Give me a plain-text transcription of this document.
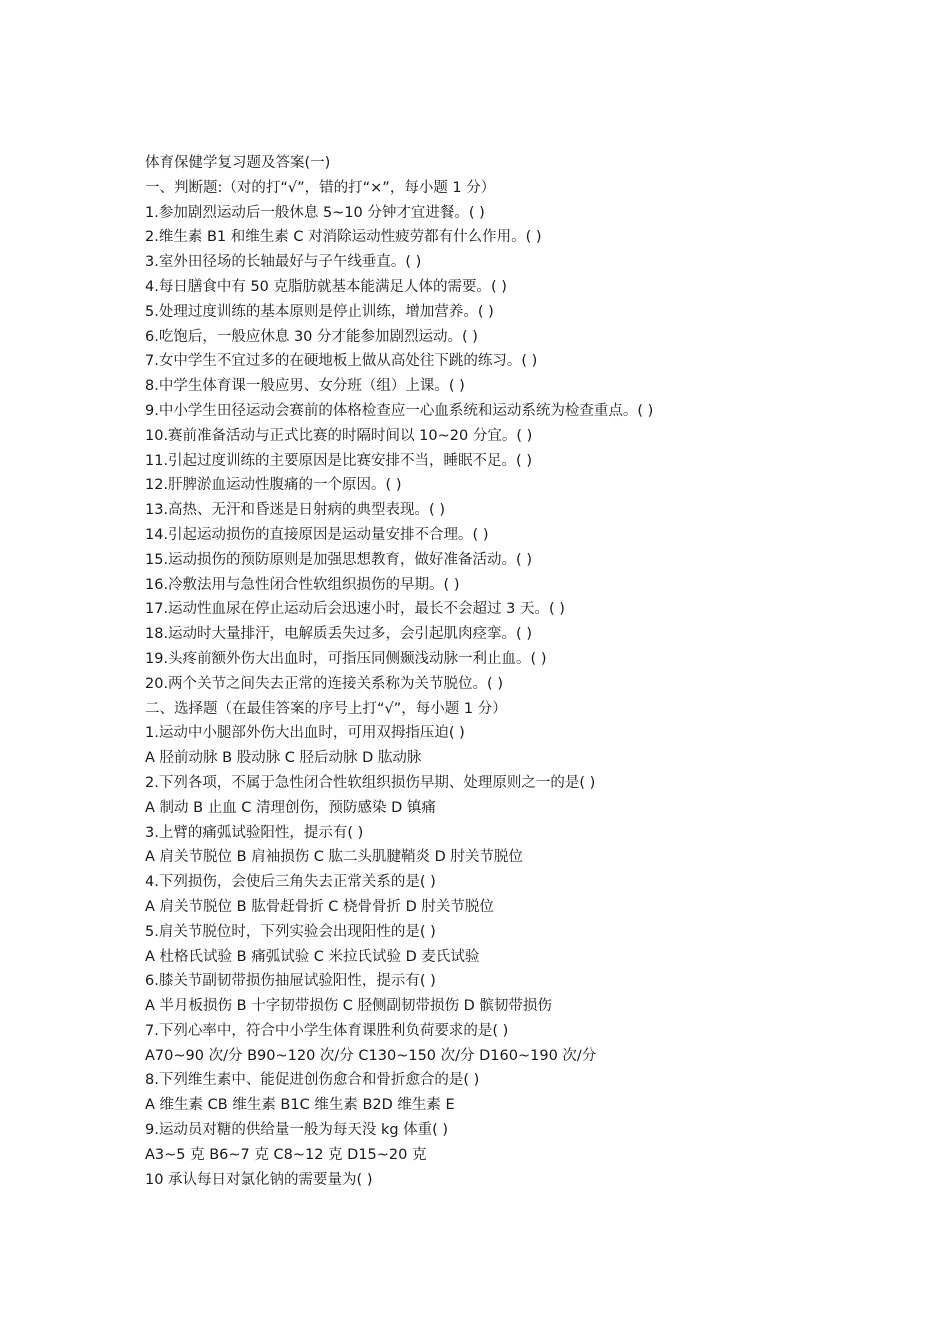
体育保健学复习题及答案(一)
一、判断题:（对的打“√”，错的打“×”，每小题 1 分）
1.参加剧烈运动后一般休息 5~10 分钟才宜进餐。( )
2.维生素 B1 和维生素 C 对消除运动性疲劳都有什么作用。( )
3.室外田径场的长轴最好与子午线垂直。( )
4.每日膳食中有 50 克脂肪就基本能满足人体的需要。( )
5.处理过度训练的基本原则是停止训练，增加营养。( )
6.吃饱后，一般应休息 30 分才能参加剧烈运动。( )
7.女中学生不宜过多的在硬地板上做从高处往下跳的练习。( )
8.中学生体育课一般应男、女分班（组）上课。( )
9.中小学生田径运动会赛前的体格检查应一心血系统和运动系统为检查重点。( )
10.赛前准备活动与正式比赛的时隔时间以 10~20 分宜。( )
11.引起过度训练的主要原因是比赛安排不当，睡眠不足。( )
12.肝脾淤血运动性腹痛的一个原因。( )
13.高热、无汗和昏迷是日射病的典型表现。( )
14.引起运动损伤的直接原因是运动量安排不合理。( )
15.运动损伤的预防原则是加强思想教育，做好准备活动。( )
16.冷敷法用与急性闭合性软组织损伤的早期。( )
17.运动性血尿在停止运动后会迅速小时，最长不会超过 3 天。( )
18.运动时大量排汗，电解质丢失过多，会引起肌肉痉挛。( )
19.头疼前额外伤大出血时，可指压同侧颞浅动脉一利止血。( )
20.两个关节之间失去正常的连接关系称为关节脱位。( )
二、选择题（在最佳答案的序号上打“√”，每小题 1 分）
1.运动中小腿部外伤大出血时，可用双拇指压迫( )
A 胫前动脉 B 股动脉 C 胫后动脉 D 肱动脉
2.下列各项，不属于急性闭合性软组织损伤早期、处理原则之一的是( )
A 制动 B 止血 C 清理创伤，预防感染 D 镇痛
3.上臂的痛弧试验阳性，提示有( )
A 肩关节脱位 B 肩袖损伤 C 肱二头肌腱鞘炎 D 肘关节脱位
4.下列损伤，会使后三角失去正常关系的是( )
A 肩关节脱位 B 肱骨赶骨折 C 桡骨骨折 D 肘关节脱位
5.肩关节脱位时，下列实验会出现阳性的是( )
A 杜格氏试验 B 痛弧试验 C 米拉氏试验 D 麦氏试验
6.膝关节副韧带损伤抽屉试验阳性，提示有( )
A 半月板损伤 B 十字韧带损伤 C 胫侧副韧带损伤 D 髌韧带损伤
7.下列心率中，符合中小学生体育课胜利负荷要求的是( )
A70~90 次/分 B90~120 次/分 C130~150 次/分 D160~190 次/分
8.下列维生素中、能促进创伤愈合和骨折愈合的是( )
A 维生素 CB 维生素 B1C 维生素 B2D 维生素 E
9.运动员对糖的供给量一般为每天没 kg 体重( )
A3~5 克 B6~7 克 C8~12 克 D15~20 克
10 承认每日对氯化钠的需要量为( )
